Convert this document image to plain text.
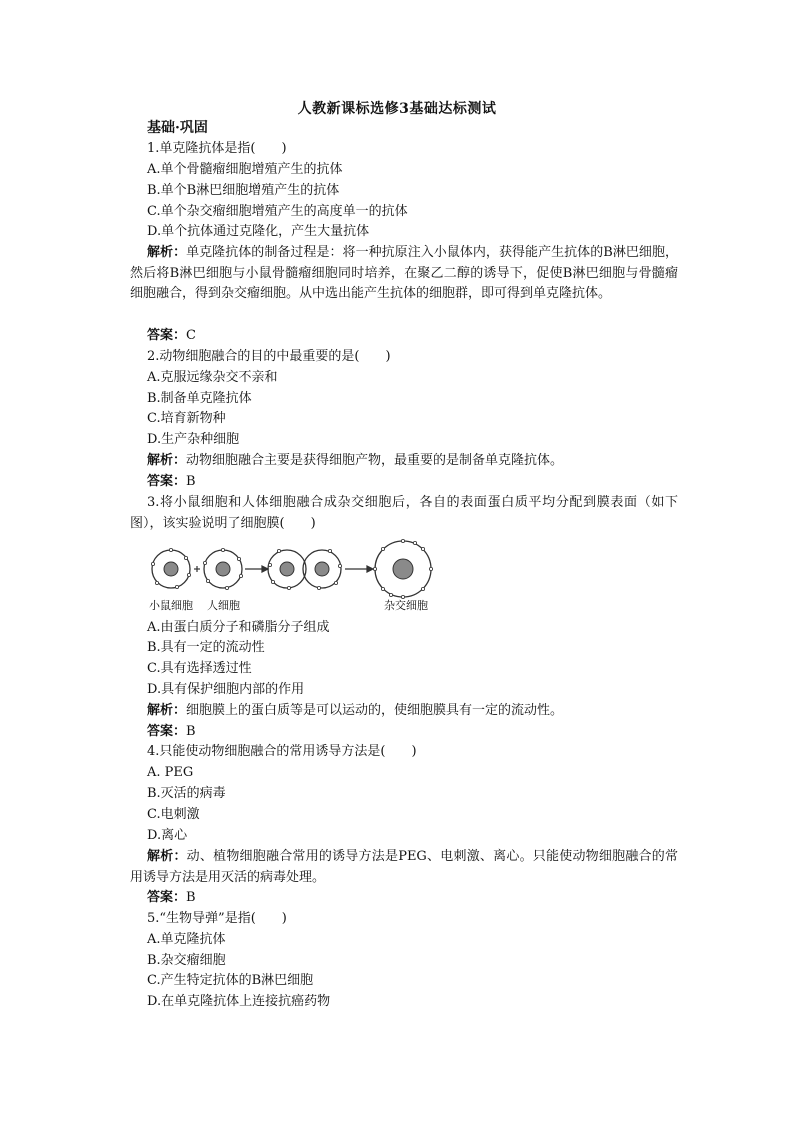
人教新课标选修3基础达标测试
基础·巩固
1.单克隆抗体是指(　　)
A.单个骨髓瘤细胞增殖产生的抗体
B.单个B淋巴细胞增殖产生的抗体
C.单个杂交瘤细胞增殖产生的高度单一的抗体
D.单个抗体通过克隆化，产生大量抗体
解析：单克隆抗体的制备过程是：将一种抗原注入小鼠体内，获得能产生抗体的B淋巴细胞，然后将B淋巴细胞与小鼠骨髓瘤细胞同时培养，在聚乙二醇的诱导下，促使B淋巴细胞与骨髓瘤细胞融合，得到杂交瘤细胞。从中选出能产生抗体的细胞群，即可得到单克隆抗体。
答案：C
2.动物细胞融合的目的中最重要的是(　　)
A.克服远缘杂交不亲和
B.制备单克隆抗体
C.培育新物种
D.生产杂种细胞
解析：动物细胞融合主要是获得细胞产物，最重要的是制备单克隆抗体。
答案：B
3.将小鼠细胞和人体细胞融合成杂交细胞后，各自的表面蛋白质平均分配到膜表面（如下图），该实验说明了细胞膜(　　)
小鼠细胞 人细胞	杂交细胞
A.由蛋白质分子和磷脂分子组成
B.具有一定的流动性
C.具有选择透过性
D.具有保护细胞内部的作用
解析：细胞膜上的蛋白质等是可以运动的，使细胞膜具有一定的流动性。
答案：B
4.只能使动物细胞融合的常用诱导方法是(　　)
A. PEG
B.灭活的病毒
C.电刺激
D.离心
解析：动、植物细胞融合常用的诱导方法是PEG、电刺激、离心。只能使动物细胞融合的常用诱导方法是用灭活的病毒处理。
答案：B
5.“生物导弹”是指(　　)
A.单克隆抗体
B.杂交瘤细胞
C.产生特定抗体的B淋巴细胞
D.在单克隆抗体上连接抗癌药物
